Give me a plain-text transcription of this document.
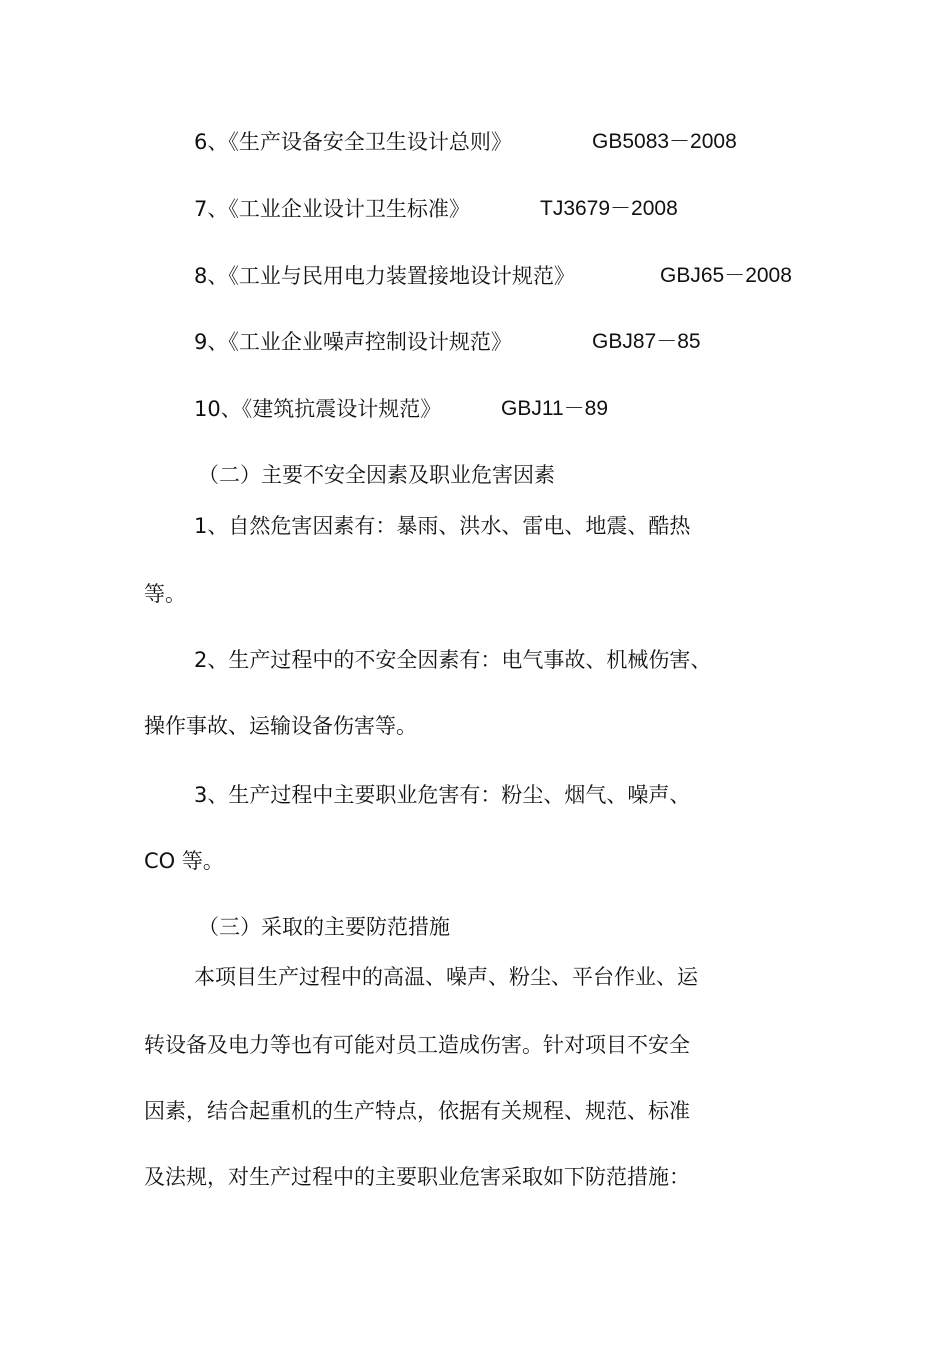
6、《生产设备安全卫生设计总则》	GB5083－2008
7、《工业企业设计卫生标准》	TJ3679－2008
8、《工业与民用电力装置接地设计规范》	GBJ65－2008
9、《工业企业噪声控制设计规范》	GBJ87－85
10、《建筑抗震设计规范》	GBJ11－89
（二）主要不安全因素及职业危害因素
1、自然危害因素有：暴雨、洪水、雷电、地震、酷热
等。
2、生产过程中的不安全因素有：电气事故、机械伤害、
操作事故、运输设备伤害等。
3、生产过程中主要职业危害有：粉尘、烟气、噪声、
CO 等。
（三）采取的主要防范措施
本项目生产过程中的高温、噪声、粉尘、平台作业、运
转设备及电力等也有可能对员工造成伤害。针对项目不安全
因素，结合起重机的生产特点，依据有关规程、规范、标准
及法规，对生产过程中的主要职业危害采取如下防范措施：
